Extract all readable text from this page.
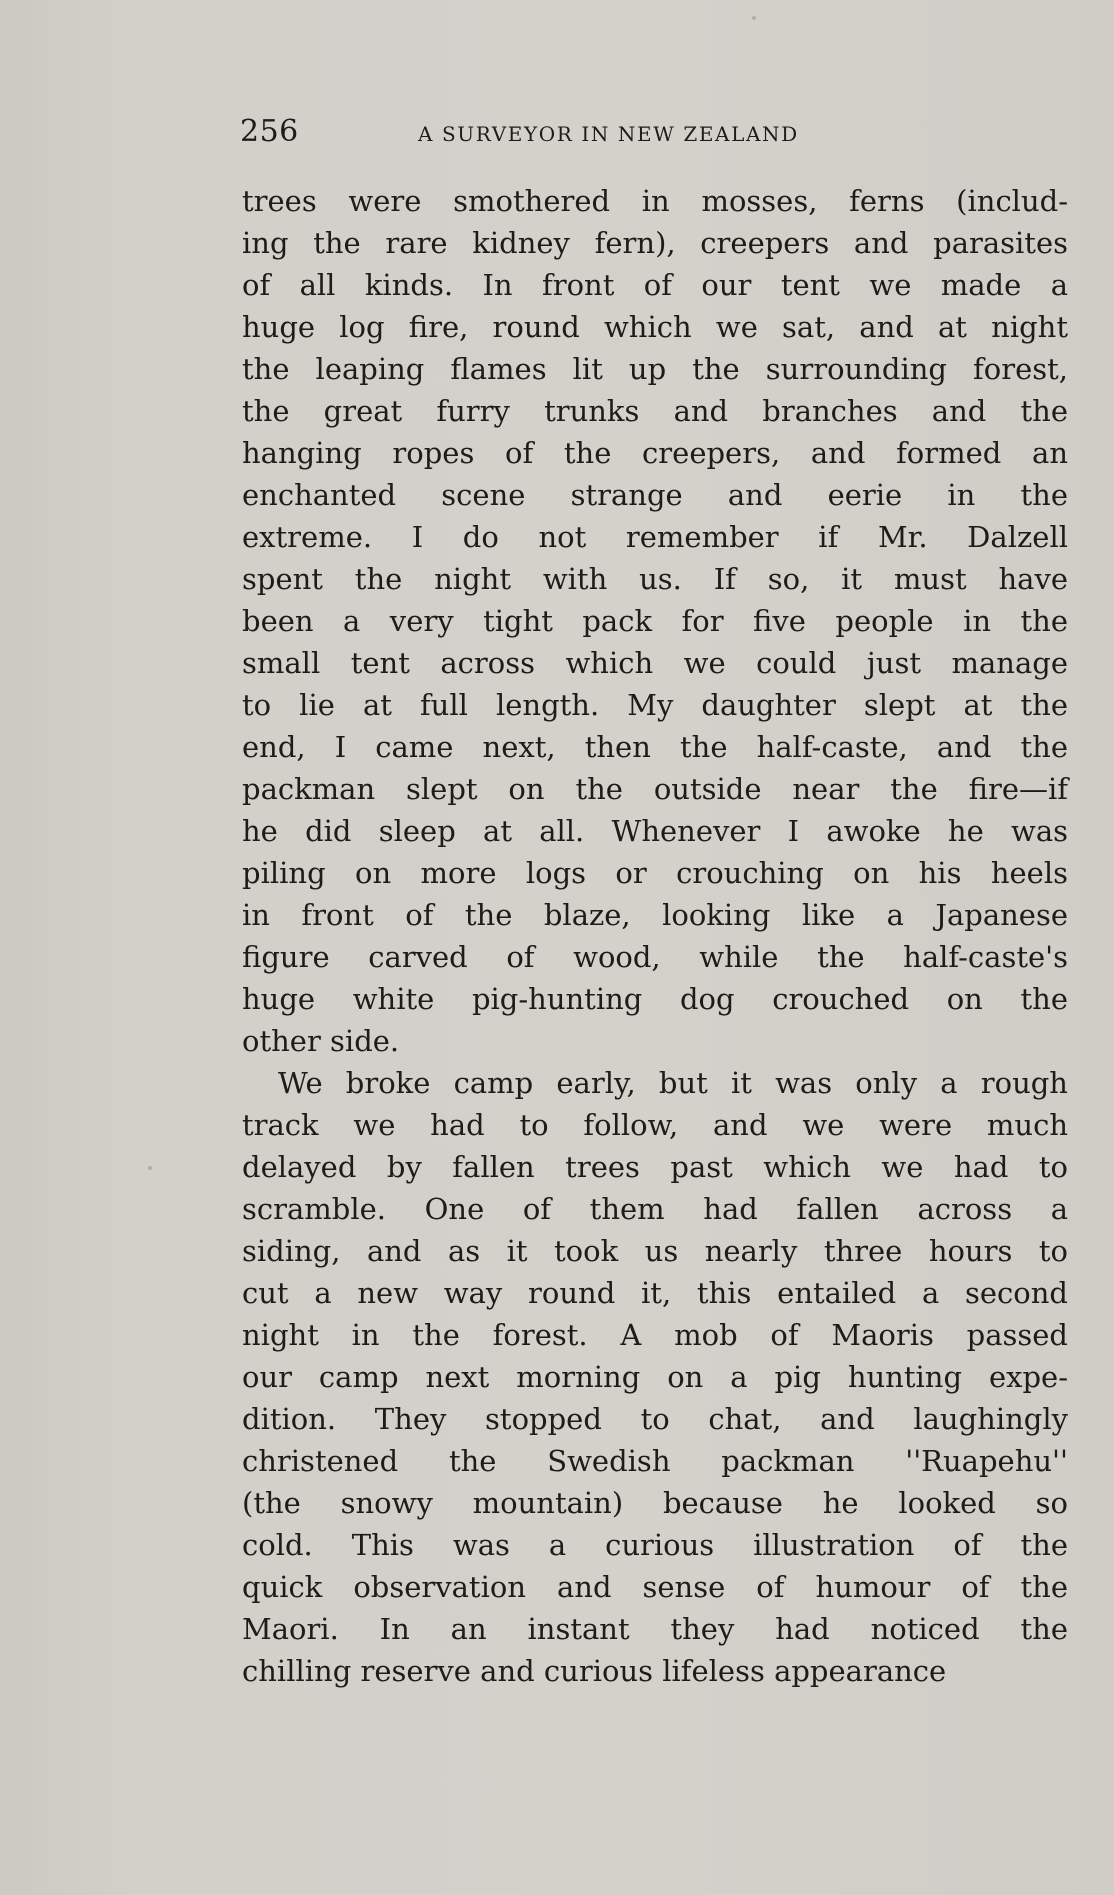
256	A SURVEYOR IN NEW ZEALAND
trees were smothered in mosses, ferns (includ-
ing the rare kidney fern), creepers and parasites
of all kinds. In front of our tent we made a
huge log fire, round which we sat, and at night
the leaping flames lit up the surrounding forest,
the great furry trunks and branches and the
hanging ropes of the creepers, and formed an
enchanted scene strange and eerie in the
extreme. I do not remember if Mr. Dalzell
spent the night with us. If so, it must have
been a very tight pack for five people in the
small tent across which we could just manage
to lie at full length. My daughter slept at the
end, I came next, then the half-caste, and the
packman slept on the outside near the fire—if
he did sleep at all. Whenever I awoke he was
piling on more logs or crouching on his heels
in front of the blaze, looking like a Japanese
figure carved of wood, while the half-caste's
huge white pig-hunting dog crouched on the
other side.
We broke camp early, but it was only a rough
track we had to follow, and we were much
delayed by fallen trees past which we had to
scramble. One of them had fallen across a
siding, and as it took us nearly three hours to
cut a new way round it, this entailed a second
night in the forest. A mob of Maoris passed
our camp next morning on a pig hunting expe-
dition. They stopped to chat, and laughingly
christened the Swedish packman ''Ruapehu''
(the snowy mountain) because he looked so
cold. This was a curious illustration of the
quick observation and sense of humour of the
Maori. In an instant they had noticed the
chilling reserve and curious lifeless appearance
